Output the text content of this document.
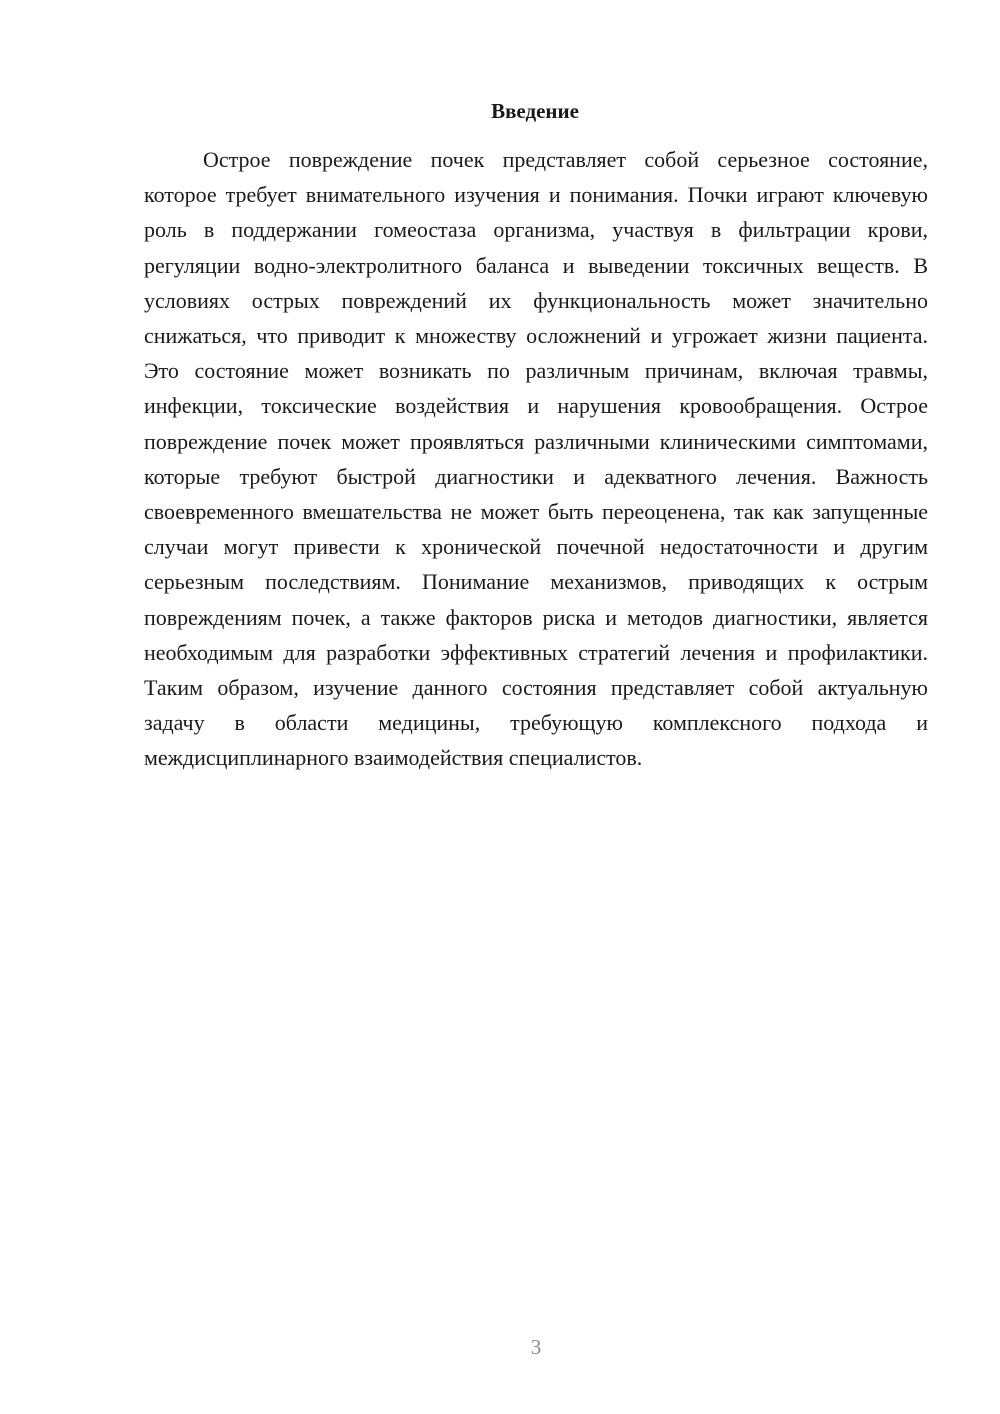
Введение

Острое повреждение почек представляет собой серьезное состояние, которое требует внимательного изучения и понимания. Почки играют ключевую роль в поддержании гомеостаза организма, участвуя в фильтрации крови, регуляции водно-электролитного баланса и выведении токсичных веществ. В условиях острых повреждений их функциональность может значительно снижаться, что приводит к множеству осложнений и угрожает жизни пациента. Это состояние может возникать по различным причинам, включая травмы, инфекции, токсические воздействия и нарушения кровообращения. Острое повреждение почек может проявляться различными клиническими симптомами, которые требуют быстрой диагностики и адекватного лечения. Важность своевременного вмешательства не может быть переоценена, так как запущенные случаи могут привести к хронической почечной недостаточности и другим серьезным последствиям. Понимание механизмов, приводящих к острым повреждениям почек, а также факторов риска и методов диагностики, является необходимым для разработки эффективных стратегий лечения и профилактики. Таким образом, изучение данного состояния представляет собой актуальную задачу в области медицины, требующую комплексного подхода и междисциплинарного взаимодействия специалистов.

3
